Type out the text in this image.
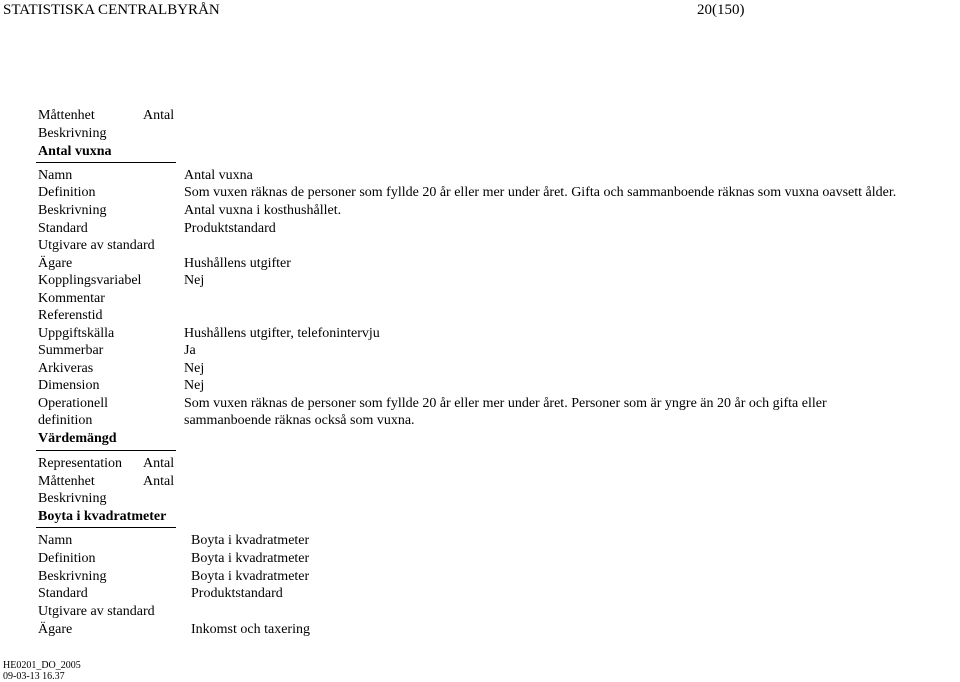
STATISTISKA CENTRALBYRÅN	20(150)
Måttenhet	Antal
Beskrivning
Antal vuxna
Namn	Antal vuxna
Definition	Som vuxen räknas de personer som fyllde 20 år eller mer under året. Gifta och sammanboende räknas som vuxna oavsett ålder.
Beskrivning	Antal vuxna i kosthushållet.
Standard	Produktstandard
Utgivare av standard
Ägare	Hushållens utgifter
Kopplingsvariabel	Nej
Kommentar
Referenstid
Uppgiftskälla	Hushållens utgifter, telefonintervju
Summerbar	Ja
Arkiveras	Nej
Dimension	Nej
Operationell	Som vuxen räknas de personer som fyllde 20 år eller mer under året. Personer som är yngre än 20 år och gifta eller
definition	sammanboende räknas också som vuxna.
Värdemängd
Representation Antal
Måttenhet	Antal
Beskrivning
Boyta i kvadratmeter
Namn	Boyta i kvadratmeter
Definition	Boyta i kvadratmeter
Beskrivning	Boyta i kvadratmeter
Standard	Produktstandard
Utgivare av standard
Ägare	Inkomst och taxering
HE0201_DO_2005
09-03-13 16.37
